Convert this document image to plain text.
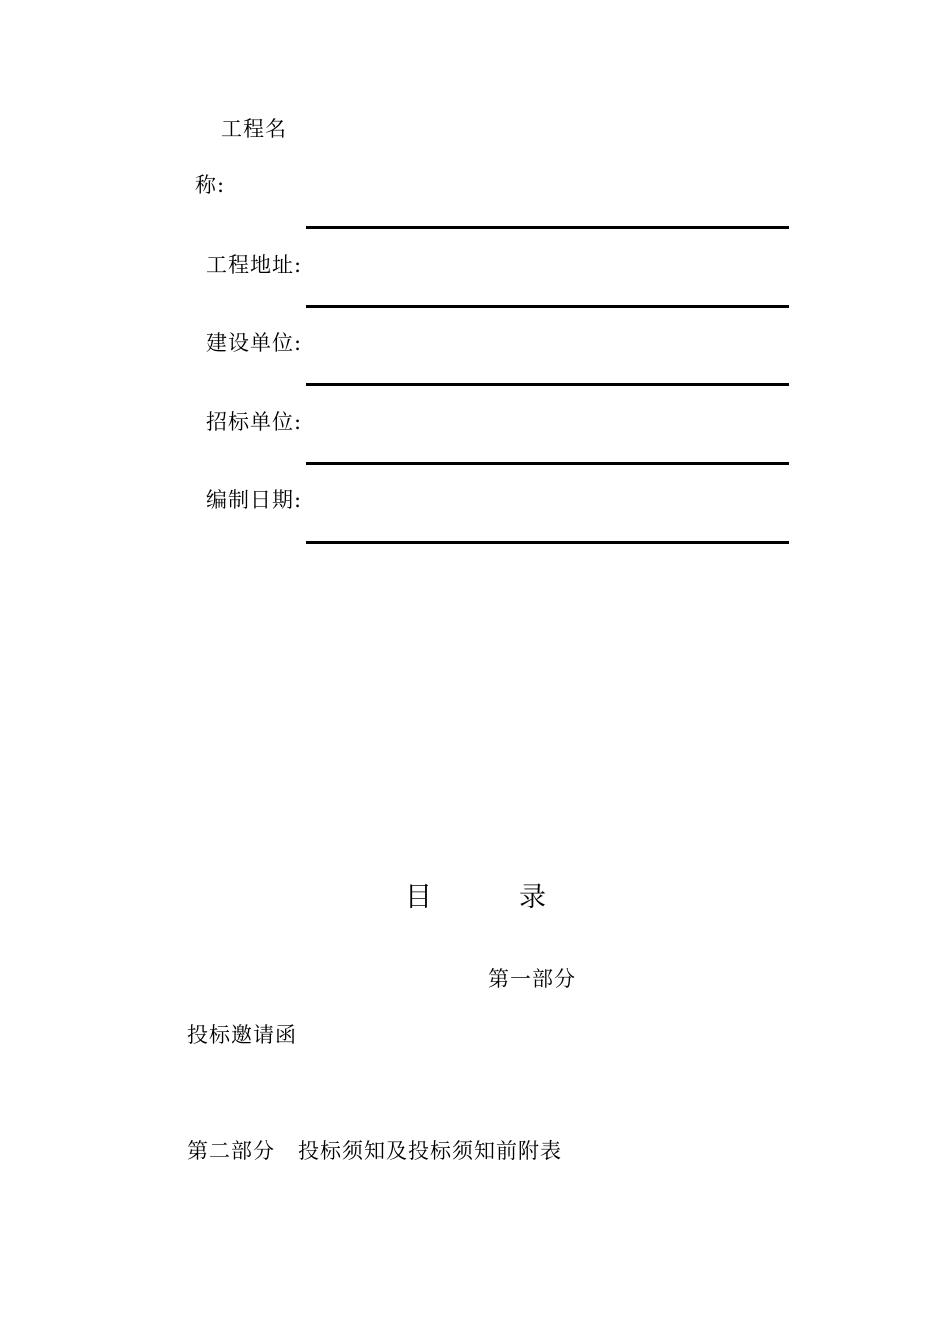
工程名
称:
工程地址:
建设单位:
招标单位:
编制日期:
目	录
第一部分
投标邀请函
第二部分 投标须知及投标须知前附表
